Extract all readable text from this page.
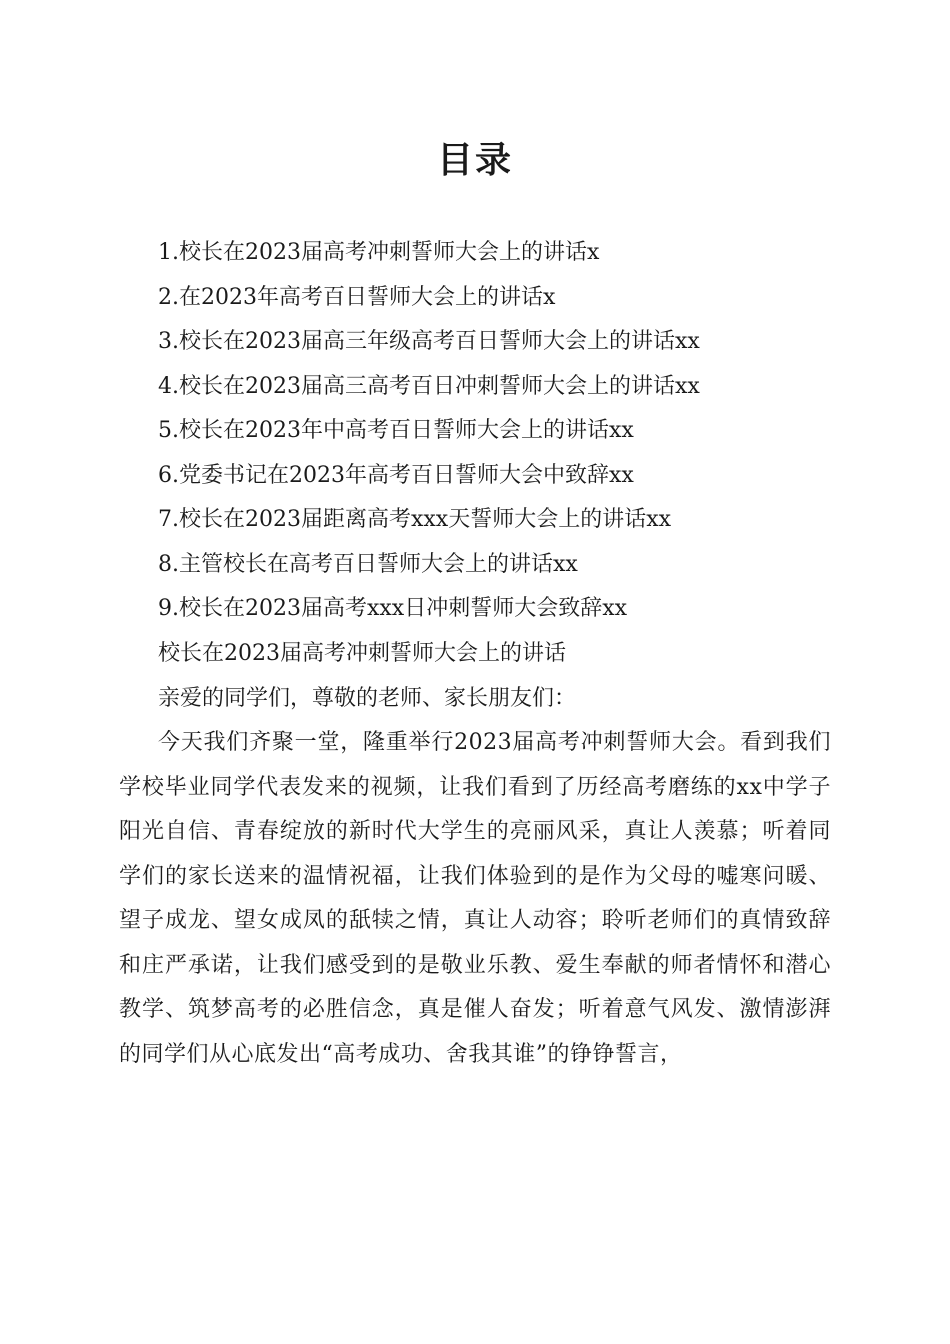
目录
1.校长在2023届高考冲刺誓师大会上的讲话x
2.在2023年高考百日誓师大会上的讲话x
3.校长在2023届高三年级高考百日誓师大会上的讲话xx
4.校长在2023届高三高考百日冲刺誓师大会上的讲话xx
5.校长在2023年中高考百日誓师大会上的讲话xx
6.党委书记在2023年高考百日誓师大会中致辞xx
7.校长在2023届距离高考xxx天誓师大会上的讲话xx
8.主管校长在高考百日誓师大会上的讲话xx
9.校长在2023届高考xxx日冲刺誓师大会致辞xx

校长在2023届高考冲刺誓师大会上的讲话

亲爱的同学们，尊敬的老师、家长朋友们：

今天我们齐聚一堂，隆重举行2023届高考冲刺誓师大会。看到我们学校毕业同学代表发来的视频，让我们看到了历经高考磨练的xx中学子阳光自信、青春绽放的新时代大学生的亮丽风采，真让人羡慕；听着同学们的家长送来的温情祝福，让我们体验到的是作为父母的嘘寒问暖、望子成龙、望女成凤的舐犊之情，真让人动容；聆听老师们的真情致辞和庄严承诺，让我们感受到的是敬业乐教、爱生奉献的师者情怀和潜心教学、筑梦高考的必胜信念，真是催人奋发；听着意气风发、激情澎湃的同学们从心底发出“高考成功、舍我其谁”的铮铮誓言，
